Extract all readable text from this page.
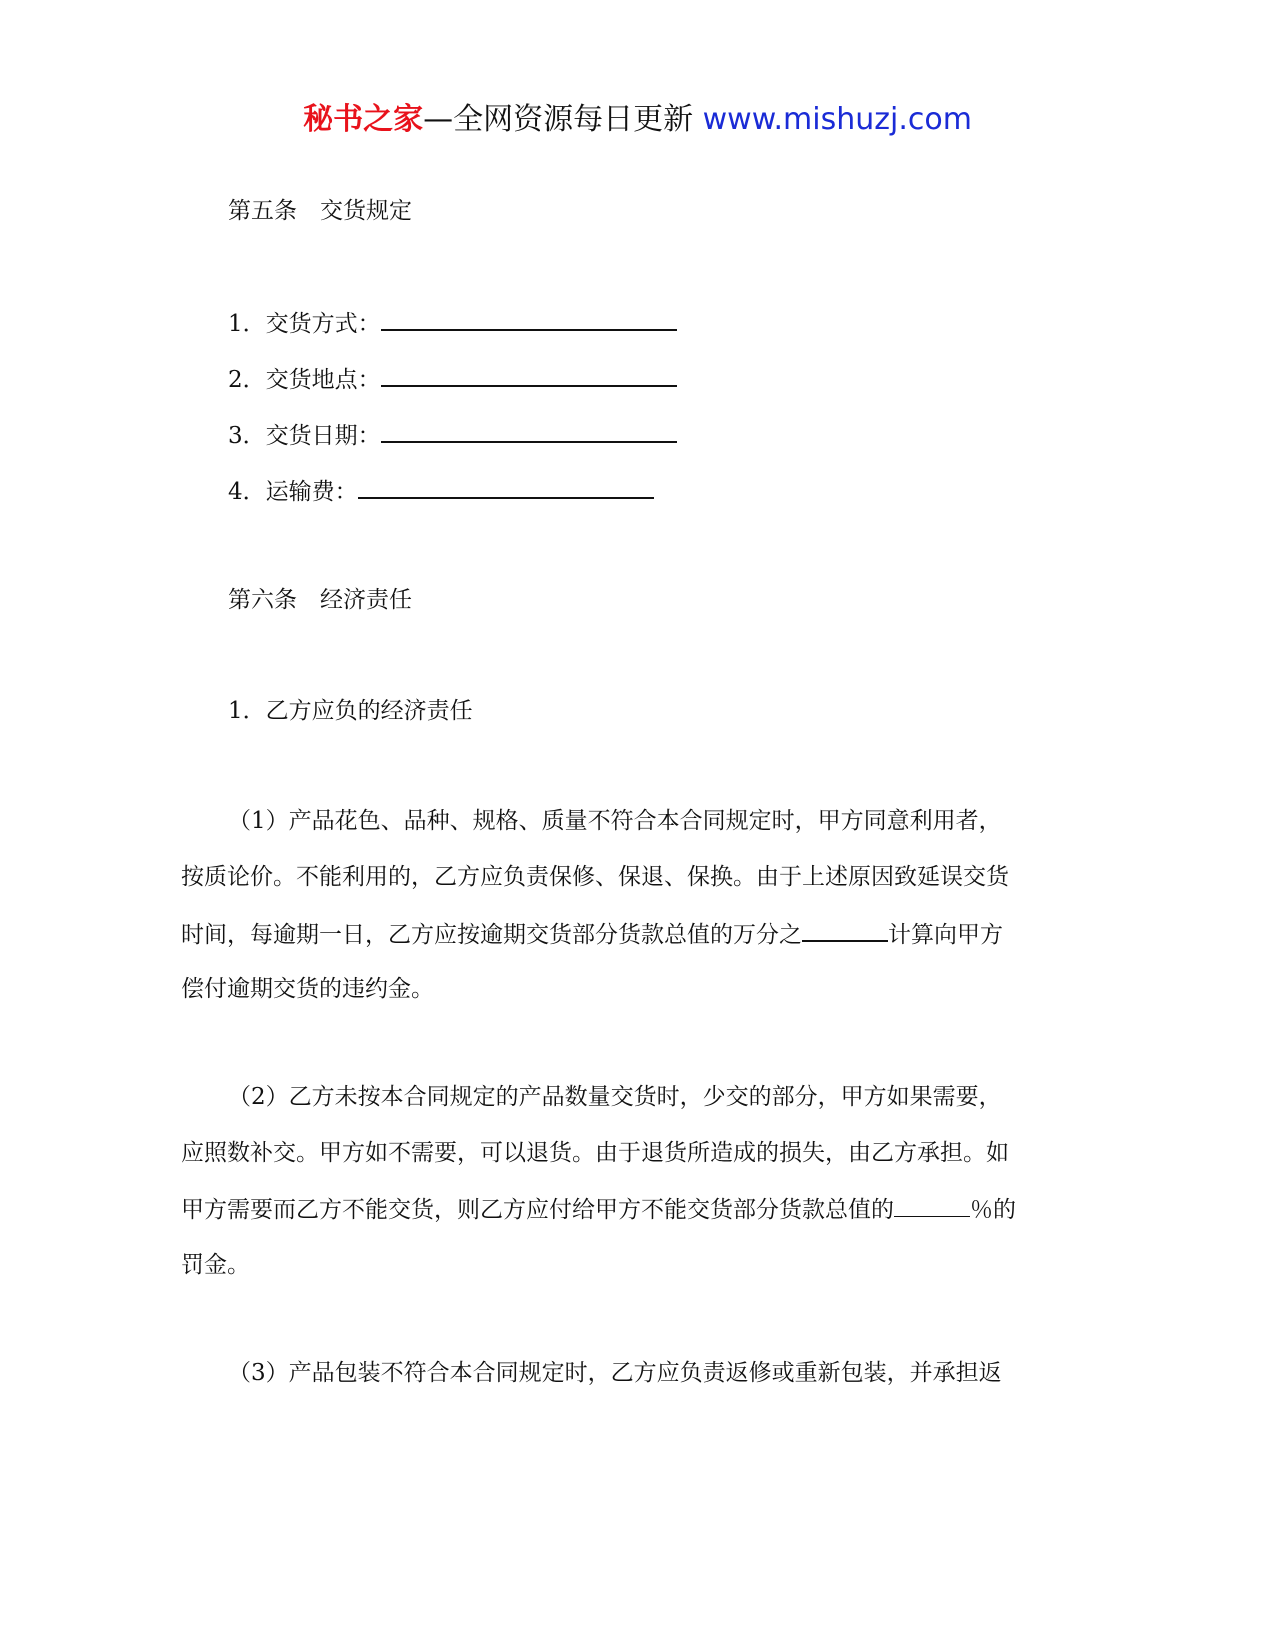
秘书之家—全网资源每日更新 www.mishuzj.com
第五条　交货规定
1．交货方式：
2．交货地点：
3．交货日期：
4．运输费：
第六条　经济责任
1．乙方应负的经济责任
（1）产品花色、品种、规格、质量不符合本合同规定时，甲方同意利用者，
按质论价。不能利用的，乙方应负责保修、保退、保换。由于上述原因致延误交货
时间，每逾期一日，乙方应按逾期交货部分货款总值的万分之	计算向甲方
偿付逾期交货的违约金。
（2）乙方未按本合同规定的产品数量交货时，少交的部分，甲方如果需要，
应照数补交。甲方如不需要，可以退货。由于退货所造成的损失，由乙方承担。如
甲方需要而乙方不能交货，则乙方应付给甲方不能交货部分货款总值的	％的
罚金。
（3）产品包装不符合本合同规定时，乙方应负责返修或重新包装，并承担返
